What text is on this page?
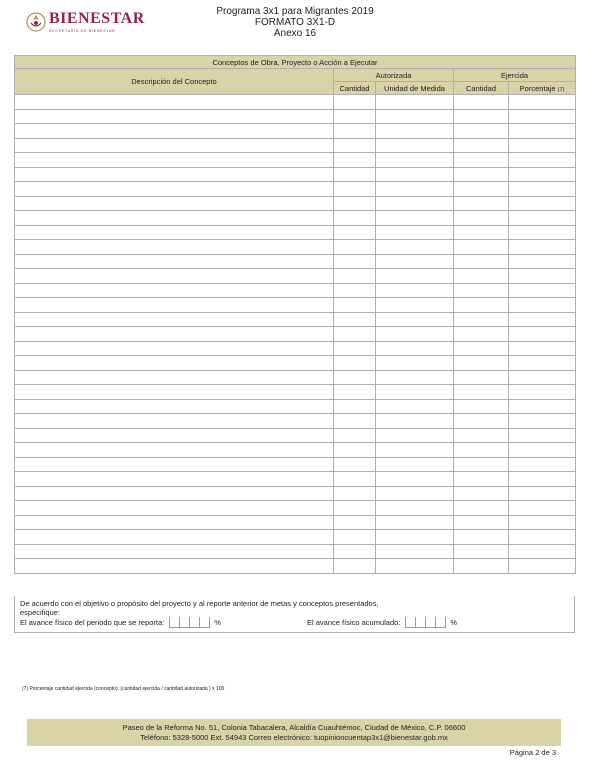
BIENESTAR
SECRETARÍA DE BIENESTAR
Programa 3x1 para Migrantes 2019
FORMATO 3X1-D
Anexo 16
Conceptos de Obra, Proyecto o Acción a Ejecutar				
Descripción del Concepto	Autorizada		Ejercida	
	Cantidad	Unidad de Medida	Cantidad	Porcentaje (7)

De acuerdo con el objetivo o propósito del proyecto y al reporte anterior de metas y conceptos presentados, especifique:
El avance físico del periodo que se reporta:	%	El avance físico acumulado:	%
(7) Porcentaje cantidad ejercida (concepto): (cantidad ejercida / cantidad autorizada ) x 100
Paseo de la Reforma No. 51, Colonia Tabacalera, Alcaldía Cuauhtémoc, Ciudad de México, C.P. 06600
Teléfono: 5328-5000 Ext. 54943 Correo electrónico: tuopinioncuentap3x1@bienestar.gob.mx
Página 2 de 3
